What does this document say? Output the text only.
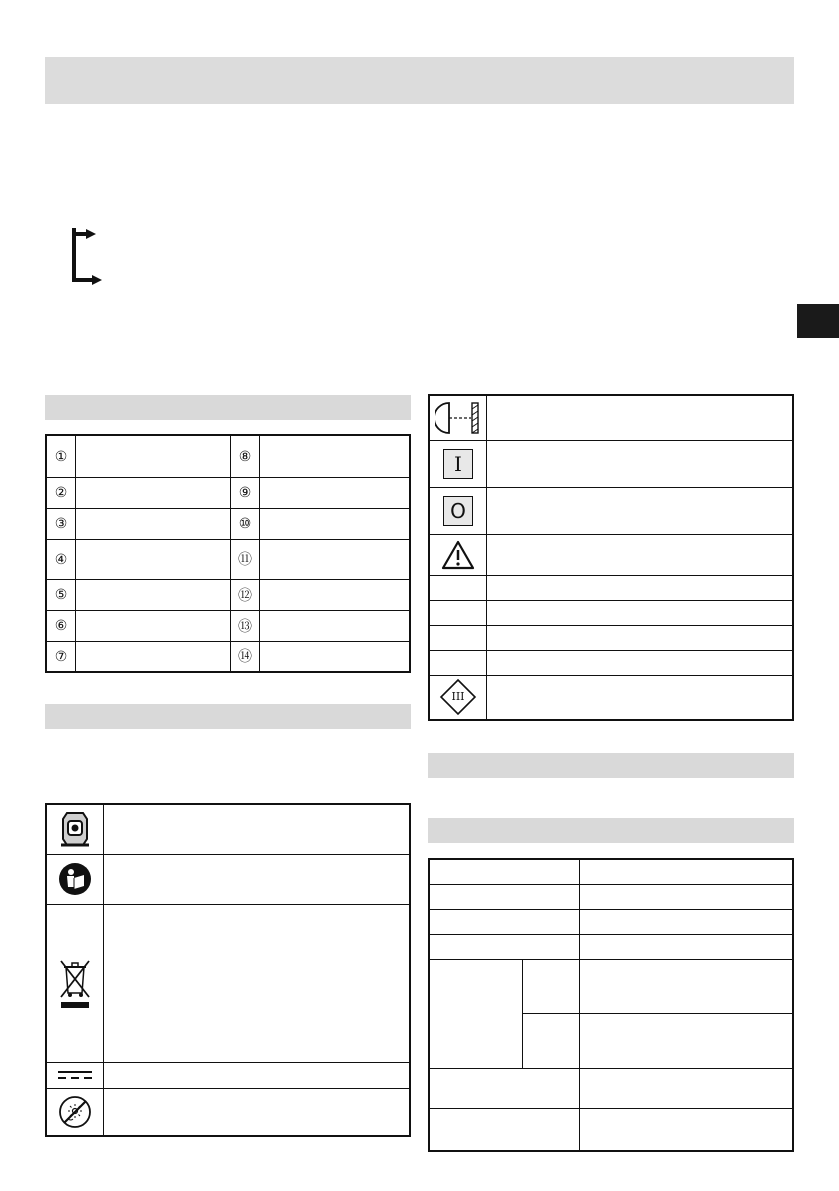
①		⑧	
②		⑨	
③		⑩	
④		⑪	
⑤		⑫	
⑥		⑬	
⑦		⑭	

I	

O	

III	
